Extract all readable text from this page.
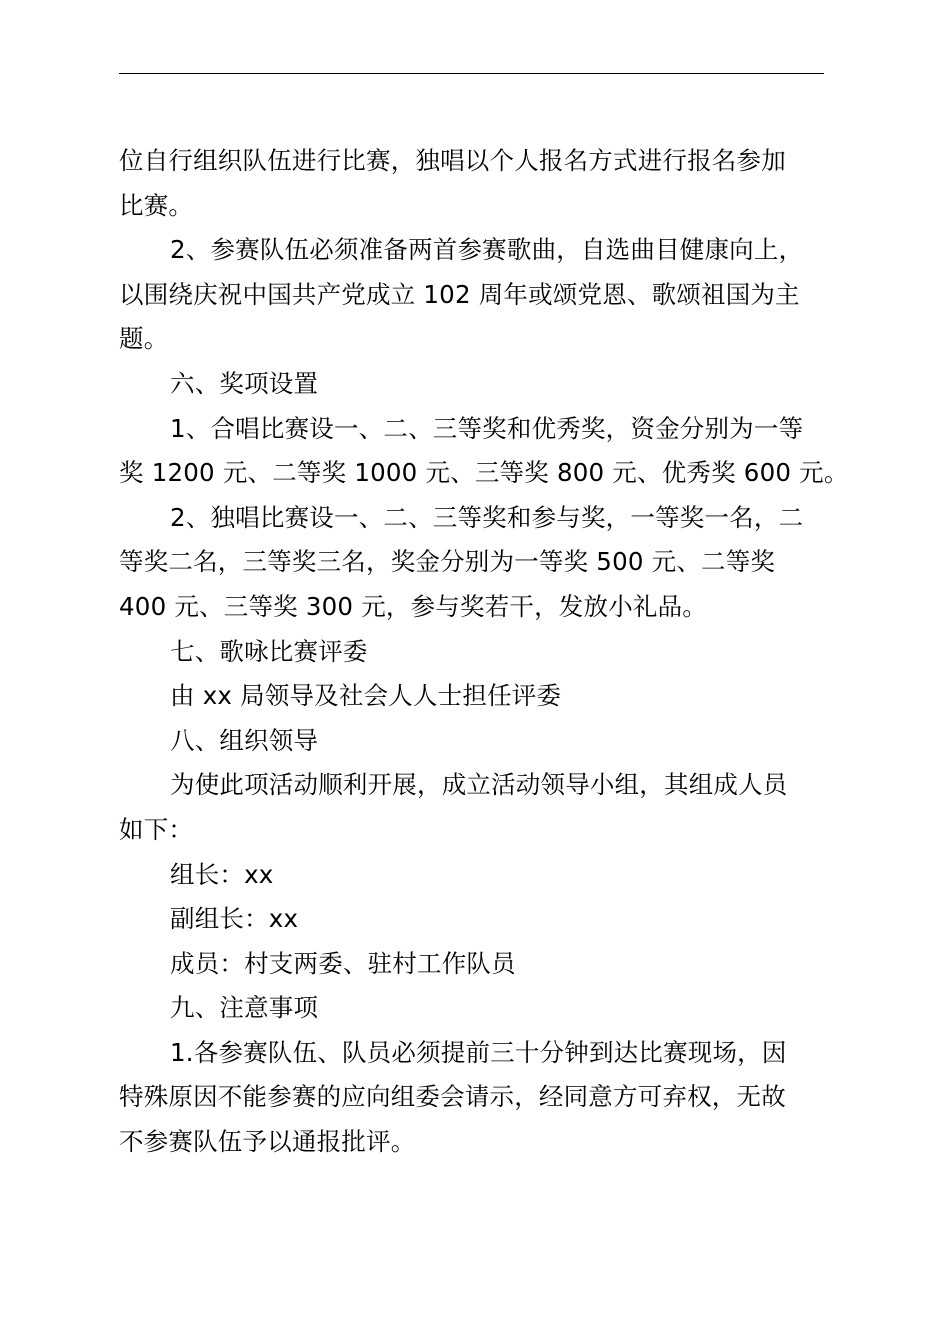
位自行组织队伍进行比赛，独唱以个人报名方式进行报名参加
比赛。
2、参赛队伍必须准备两首参赛歌曲，自选曲目健康向上，
以围绕庆祝中国共产党成立 102 周年或颂党恩、歌颂祖国为主
题。
六、奖项设置
1、合唱比赛设一、二、三等奖和优秀奖，资金分别为一等
奖 1200 元、二等奖 1000 元、三等奖 800 元、优秀奖 600 元。
2、独唱比赛设一、二、三等奖和参与奖，一等奖一名，二
等奖二名，三等奖三名，奖金分别为一等奖 500 元、二等奖
400 元、三等奖 300 元，参与奖若干，发放小礼品。
七、歌咏比赛评委
由 xx 局领导及社会人人士担任评委
八、组织领导
为使此项活动顺利开展，成立活动领导小组，其组成人员
如下：
组长：xx
副组长：xx
成员：村支两委、驻村工作队员
九、注意事项
1.各参赛队伍、队员必须提前三十分钟到达比赛现场，因
特殊原因不能参赛的应向组委会请示，经同意方可弃权，无故
不参赛队伍予以通报批评。
